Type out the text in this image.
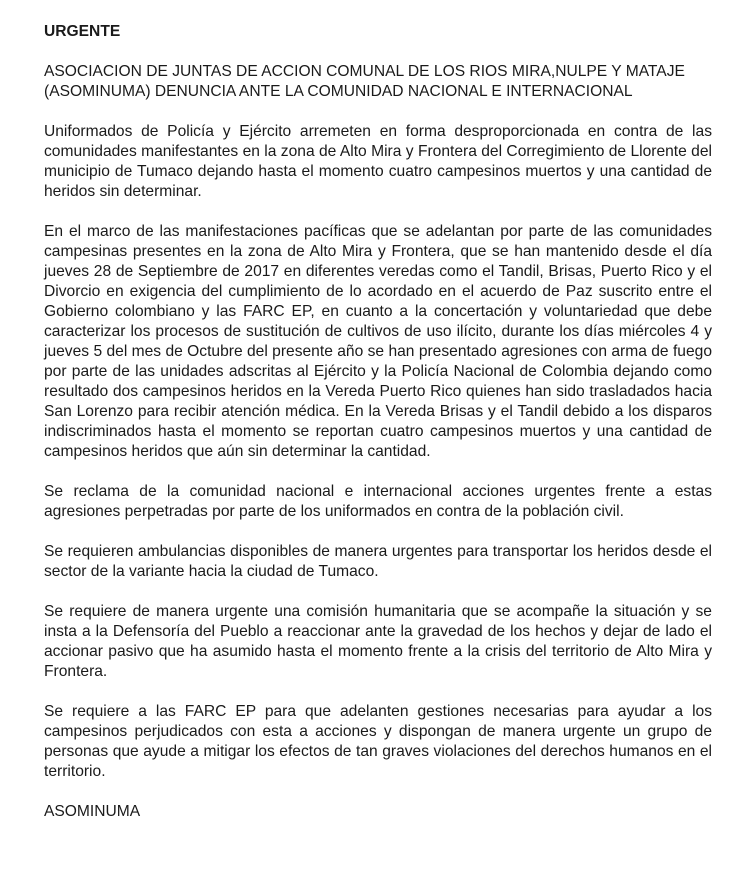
URGENTE

ASOCIACION DE JUNTAS DE ACCION COMUNAL DE LOS RIOS MIRA,NULPE Y MATAJE

(ASOMINUMA) DENUNCIA ANTE LA COMUNIDAD NACIONAL E INTERNACIONAL

Uniformados de Policía y Ejército arremeten en forma desproporcionada en contra de las comunidades manifestantes en la zona de Alto Mira y Frontera del Corregimiento de Llorente del municipio de Tumaco dejando hasta el momento cuatro campesinos muertos y una cantidad de heridos sin determinar.

En el marco de las manifestaciones pacíficas que se adelantan por parte de las comunidades campesinas presentes en la zona de Alto Mira y Frontera, que se han mantenido desde el día jueves 28 de Septiembre de 2017 en diferentes veredas como el Tandil, Brisas, Puerto Rico y el Divorcio en exigencia del cumplimiento de lo acordado en el acuerdo de Paz suscrito entre el Gobierno colombiano y las FARC EP, en cuanto a la concertación y voluntariedad que debe caracterizar los procesos de sustitución de cultivos de uso ilícito, durante los días miércoles 4 y jueves 5 del mes de Octubre del presente año se han presentado agresiones con arma de fuego por parte de las unidades adscritas al Ejército y la Policía Nacional de Colombia dejando como resultado dos campesinos heridos en la Vereda Puerto Rico quienes han sido trasladados hacia San Lorenzo para recibir atención médica. En la Vereda Brisas y el Tandil debido a los disparos indiscriminados hasta el momento se reportan cuatro campesinos muertos y una cantidad de campesinos heridos que aún sin determinar la cantidad.

Se reclama de la comunidad nacional e internacional acciones urgentes frente a estas agresiones perpetradas por parte de los uniformados en contra de la población civil.

Se requieren ambulancias disponibles de manera urgentes para transportar los heridos desde el sector de la variante hacia la ciudad de Tumaco.

Se requiere de manera urgente una comisión humanitaria que se acompañe la situación y se insta a la Defensoría del Pueblo a reaccionar ante la gravedad de los hechos y dejar de lado el accionar pasivo que ha asumido hasta el momento frente a la crisis del territorio de Alto Mira y Frontera.

Se requiere a las FARC EP para que adelanten gestiones necesarias para ayudar a los campesinos perjudicados con esta a acciones y dispongan de manera urgente un grupo de personas que ayude a mitigar los efectos de tan graves violaciones del derechos humanos en el territorio.

ASOMINUMA
